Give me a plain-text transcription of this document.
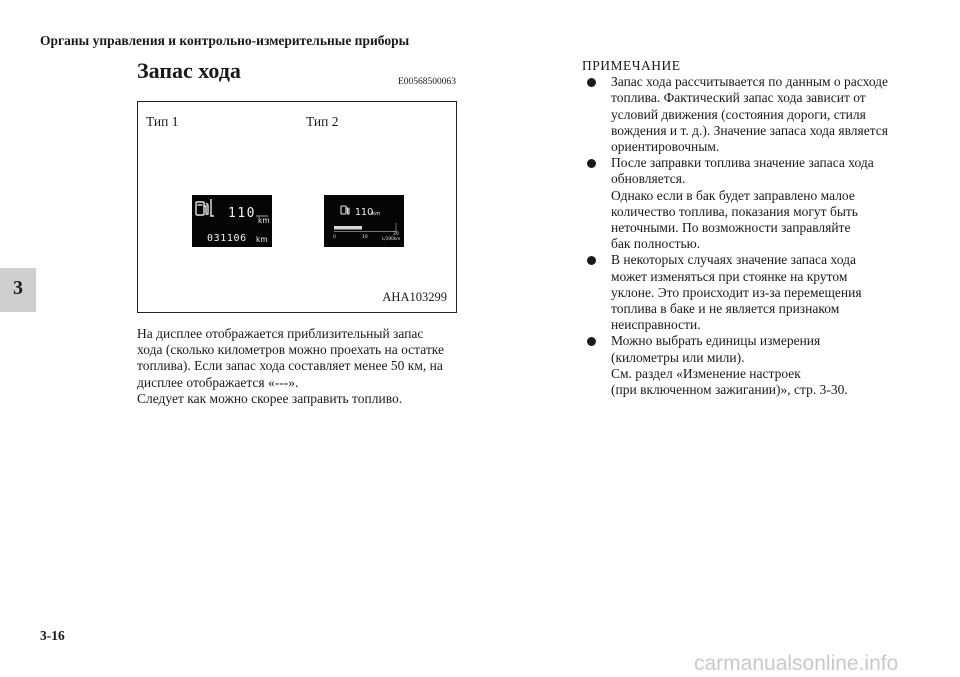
Органы управления и контрольно-измерительные приборы
3
Запас хода	E00568500063
Тип 1	Тип 2
110 km
031106 km
110
km
0	10
20
L/100km
AHA103299

На дисплее отображается приблизительный запас

хода (сколько километров можно проехать на остатке

топлива). Если запас хода составляет менее 50 км, на

дисплее отображается «---».

Следует как можно скорее заправить топливо.

ПРИМЕЧАНИЕ
Запас хода рассчитывается по данным о расходе
топлива. Фактический запас хода зависит от
условий движения (состояния дороги, стиля
вождения и т. д.). Значение запаса хода является
ориентировочным.
После заправки топлива значение запаса хода
обновляется.
Однако если в бак будет заправлено малое
количество топлива, показания могут быть
неточными. По возможности заправляйте
бак полностью.
В некоторых случаях значение запаса хода
может изменяться при стоянке на крутом
уклоне. Это происходит из-за перемещения
топлива в баке и не является признаком
неисправности.
Можно выбрать единицы измерения
(километры или мили).
См. раздел «Изменение настроек
(при включенном зажигании)», стр. 3-30.
3-16
carmanualsonline.info
